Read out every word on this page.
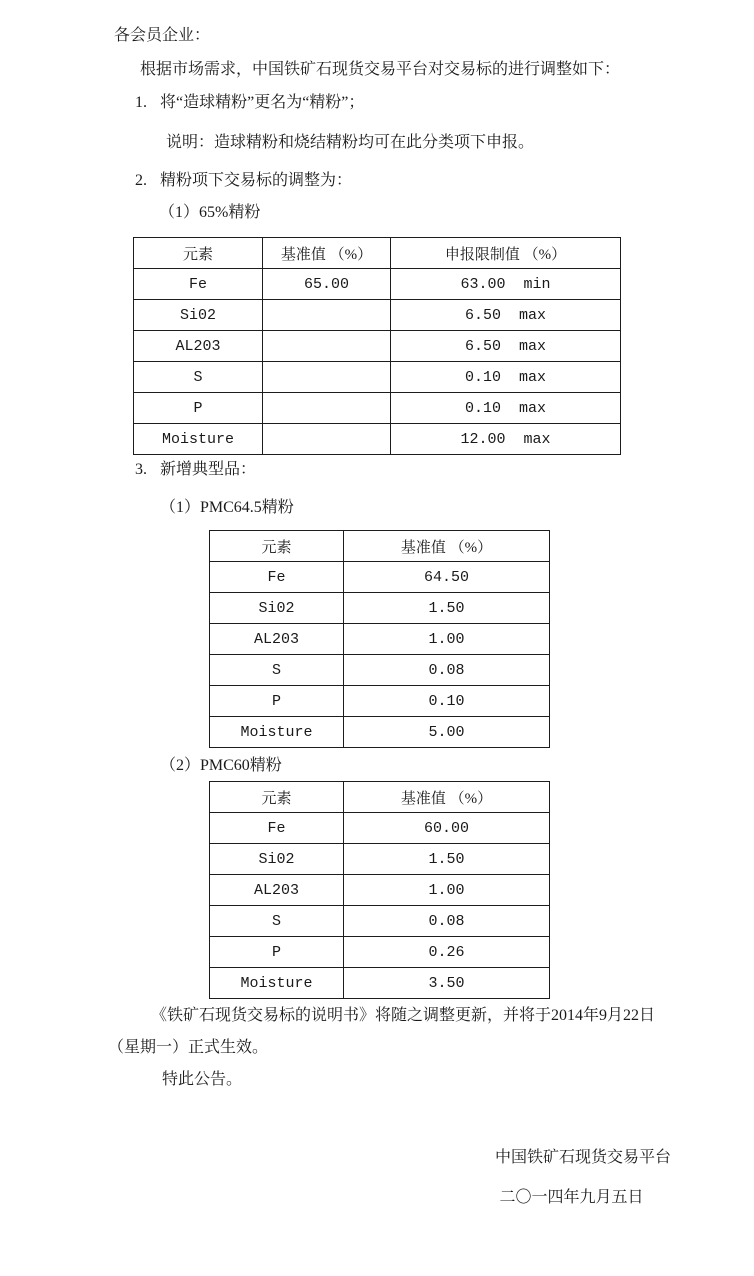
各会员企业：
根据市场需求，中国铁矿石现货交易平台对交易标的进行调整如下：
1. 将“造球精粉”更名为“精粉”；
说明：造球精粉和烧结精粉均可在此分类项下申报。
2. 精粉项下交易标的调整为：
（1）65%精粉
元素	基准值 （%）	申报限制值 （%）
Fe	65.00	63.00  min
Si02		6.50  max
AL203		6.50  max
S		0.10  max
P		0.10  max
Moisture		12.00  max
3. 新增典型品：
（1）PMC64.5精粉
元素	基准值 （%）
Fe	64.50
Si02	1.50
AL203	1.00
S	0.08
P	0.10
Moisture	5.00
（2）PMC60精粉
元素	基准值 （%）
Fe	60.00
Si02	1.50
AL203	1.00
S	0.08
P	0.26
Moisture	3.50
《铁矿石现货交易标的说明书》将随之调整更新，并将于2014年9月22日（星期一）正式生效。
特此公告。
中国铁矿石现货交易平台
二〇一四年九月五日
